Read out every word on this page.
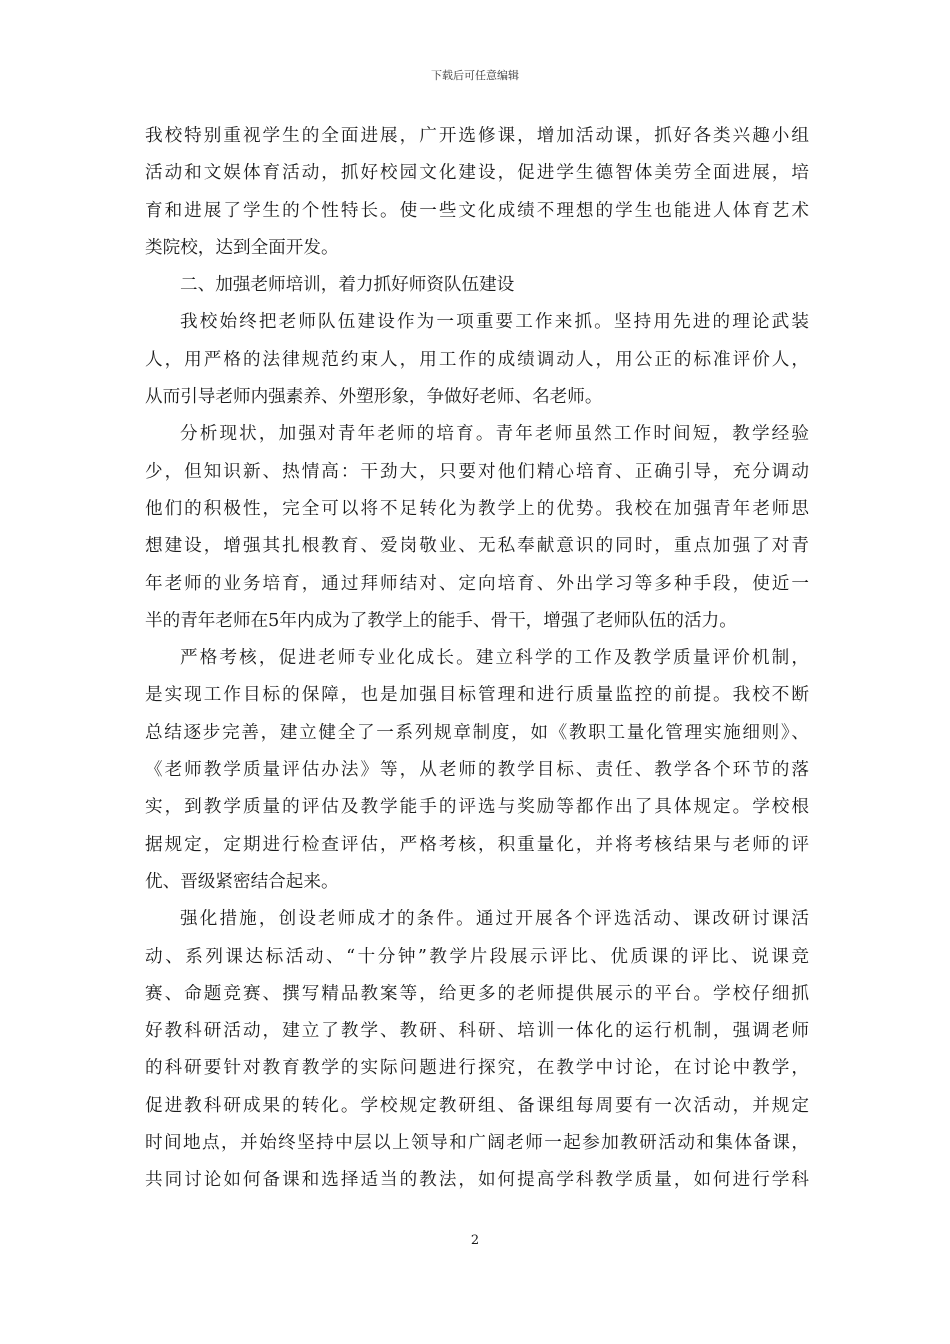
下载后可任意编辑
我校特别重视学生的全面进展，广开选修课，增加活动课，抓好各类兴趣小组
活动和文娱体育活动，抓好校园文化建设，促进学生德智体美劳全面进展，培
育和进展了学生的个性特长。使一些文化成绩不理想的学生也能进人体育艺术
类院校，达到全面开发。
二、加强老师培训，着力抓好师资队伍建设
我校始终把老师队伍建设作为一项重要工作来抓。坚持用先进的理论武装
人，用严格的法律规范约束人，用工作的成绩调动人，用公正的标准评价人，
从而引导老师内强素养、外塑形象，争做好老师、名老师。
分析现状，加强对青年老师的培育。青年老师虽然工作时间短，教学经验
少，但知识新、热情高：干劲大，只要对他们精心培育、正确引导，充分调动
他们的积极性，完全可以将不足转化为教学上的优势。我校在加强青年老师思
想建设，增强其扎根教育、爱岗敬业、无私奉献意识的同时，重点加强了对青
年老师的业务培育，通过拜师结对、定向培育、外出学习等多种手段，使近一
半的青年老师在5年内成为了教学上的能手、骨干，增强了老师队伍的活力。
严格考核，促进老师专业化成长。建立科学的工作及教学质量评价机制，
是实现工作目标的保障，也是加强目标管理和进行质量监控的前提。我校不断
总结逐步完善，建立健全了一系列规章制度，如《教职工量化管理实施细则》、
《老师教学质量评估办法》等，从老师的教学目标、责任、教学各个环节的落
实，到教学质量的评估及教学能手的评选与奖励等都作出了具体规定。学校根
据规定，定期进行检查评估，严格考核，积重量化，并将考核结果与老师的评
优、晋级紧密结合起来。
强化措施，创设老师成才的条件。通过开展各个评选活动、课改研讨课活
动、系列课达标活动、“十分钟”教学片段展示评比、优质课的评比、说课竞
赛、命题竞赛、撰写精品教案等，给更多的老师提供展示的平台。学校仔细抓
好教科研活动，建立了教学、教研、科研、培训一体化的运行机制，强调老师
的科研要针对教育教学的实际问题进行探究，在教学中讨论，在讨论中教学，
促进教科研成果的转化。学校规定教研组、备课组每周要有一次活动，并规定
时间地点，并始终坚持中层以上领导和广阔老师一起参加教研活动和集体备课，
共同讨论如何备课和选择适当的教法，如何提高学科教学质量，如何进行学科
2
